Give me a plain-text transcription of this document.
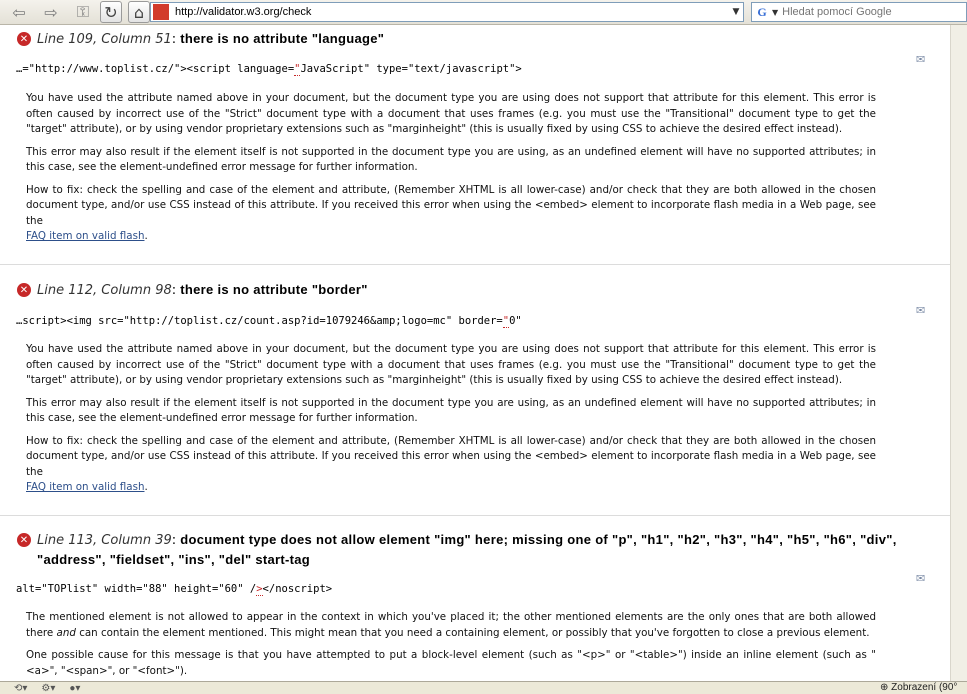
⇦	⇨	⚿ ↻	⌂	http://validator.w3.org/check	▼	G ▼
Hledat pomocí Google
✕ Line 109, Column 51: there is no attribute "language"
✉
…="http://www.toplist.cz/"><script language="JavaScript" type="text/javascript">

You have used the attribute named above in your document, but the document type you are using does not support that attribute for this element. This error is often caused by incorrect use of the "Strict" document type with a document that uses frames (e.g. you must use the "Transitional" document type to get the "target" attribute), or by using vendor proprietary extensions such as "marginheight" (this is usually fixed by using CSS to achieve the desired effect instead).

This error may also result if the element itself is not supported in the document type you are using, as an undefined element will have no supported attributes; in this case, see the element-undefined error message for further information.

How to fix: check the spelling and case of the element and attribute, (Remember XHTML is all lower-case) and/or check that they are both allowed in the chosen document type, and/or use CSS instead of this attribute. If you received this error when using the <embed> element to incorporate flash media in a Web page, see the
FAQ item on valid flash.

✕ Line 112, Column 98: there is no attribute "border"
✉
…script><img src="http://toplist.cz/count.asp?id=1079246&amp;logo=mc" border="0"

You have used the attribute named above in your document, but the document type you are using does not support that attribute for this element. This error is often caused by incorrect use of the "Strict" document type with a document that uses frames (e.g. you must use the "Transitional" document type to get the "target" attribute), or by using vendor proprietary extensions such as "marginheight" (this is usually fixed by using CSS to achieve the desired effect instead).

This error may also result if the element itself is not supported in the document type you are using, as an undefined element will have no supported attributes; in this case, see the element-undefined error message for further information.

How to fix: check the spelling and case of the element and attribute, (Remember XHTML is all lower-case) and/or check that they are both allowed in the chosen document type, and/or use CSS instead of this attribute. If you received this error when using the <embed> element to incorporate flash media in a Web page, see the
FAQ item on valid flash.

✕ Line 113, Column 39: document type does not allow element "img" here; missing one of "p", "h1", "h2", "h3", "h4", "h5", "h6", "div", "address", "fieldset", "ins", "del" start-tag
✉
alt="TOPlist" width="88" height="60" /></noscript>

The mentioned element is not allowed to appear in the context in which you've placed it; the other mentioned elements are the only ones that are both allowed there and can contain the element mentioned. This might mean that you need a containing element, or possibly that you've forgotten to close a previous element.

One possible cause for this message is that you have attempted to put a block-level element (such as "<p>" or "<table>") inside an inline element (such as "<a>", "<span>", or "<font>").

⟲▾ ⚙▾ ●▾	⊕ Zobrazení (90°
